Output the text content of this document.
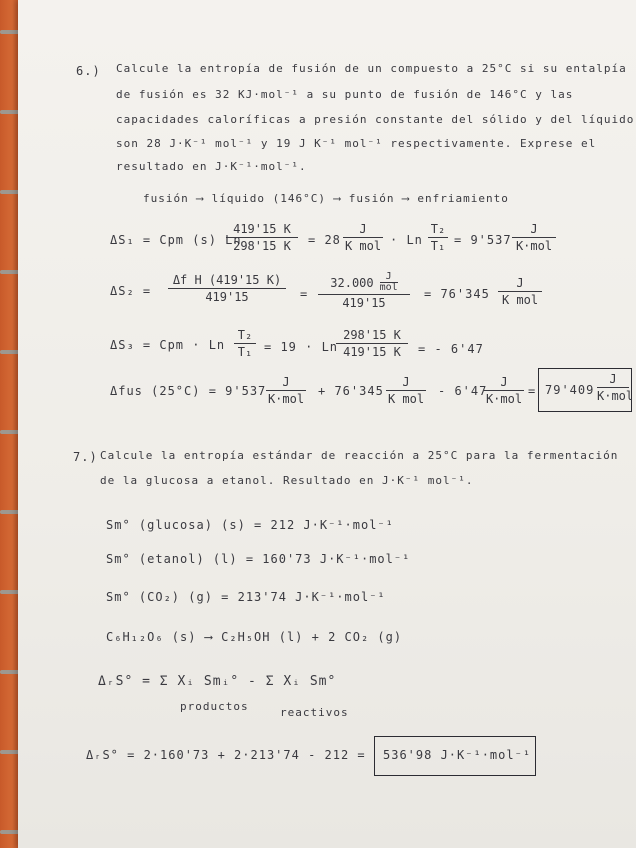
6.) Calcule la entropía de fusión de un compuesto a 25°C si su entalpía
de fusión es 32 KJ·mol⁻¹ a su punto de fusión de 146°C y las
capacidades caloríficas a presión constante del sólido y del líquido
son 28 J·K⁻¹ mol⁻¹ y 19 J K⁻¹ mol⁻¹ respectivamente. Exprese el
resultado en J·K⁻¹·mol⁻¹.
fusión ⟶ líquido (146°C) ⟶ fusión ⟶ enfriamiento
ΔS₁ = Cpm (s) Ln
419'15 K
298'15 K	= 28
J
K mol · Ln
T₂
T₁ = 9'537
J
K·mol
ΔS₂ =
Δf H (419'15 K)
419'15	=
32.000	J
mol
419'15
= 76'345
J
K mol
ΔS₃ = Cpm · Ln
T₂
T₁ = 19 · Ln
298'15 K
419'15 K	= - 6'47
Δfus (25°C) = 9'537
J
K·mol
+ 76'345
J
K mol
- 6'47
J
K·mol
= 79'409
J
K·mol
7.) Calcule la entropía estándar de reacción a 25°C para la fermentación
de la glucosa a etanol. Resultado en J·K⁻¹ mol⁻¹.
Sm° (glucosa) (s) = 212 J·K⁻¹·mol⁻¹
Sm° (etanol) (l) = 160'73 J·K⁻¹·mol⁻¹
Sm° (CO₂) (g) = 213'74 J·K⁻¹·mol⁻¹
C₆H₁₂O₆ (s) ⟶ C₂H₅OH (l) + 2 CO₂ (g)
ΔᵣS° = Σ Xᵢ Smᵢ° - Σ Xᵢ Sm°
productos	reactivos
ΔᵣS° = 2·160'73 + 2·213'74 - 212 = 536'98 J·K⁻¹·mol⁻¹
